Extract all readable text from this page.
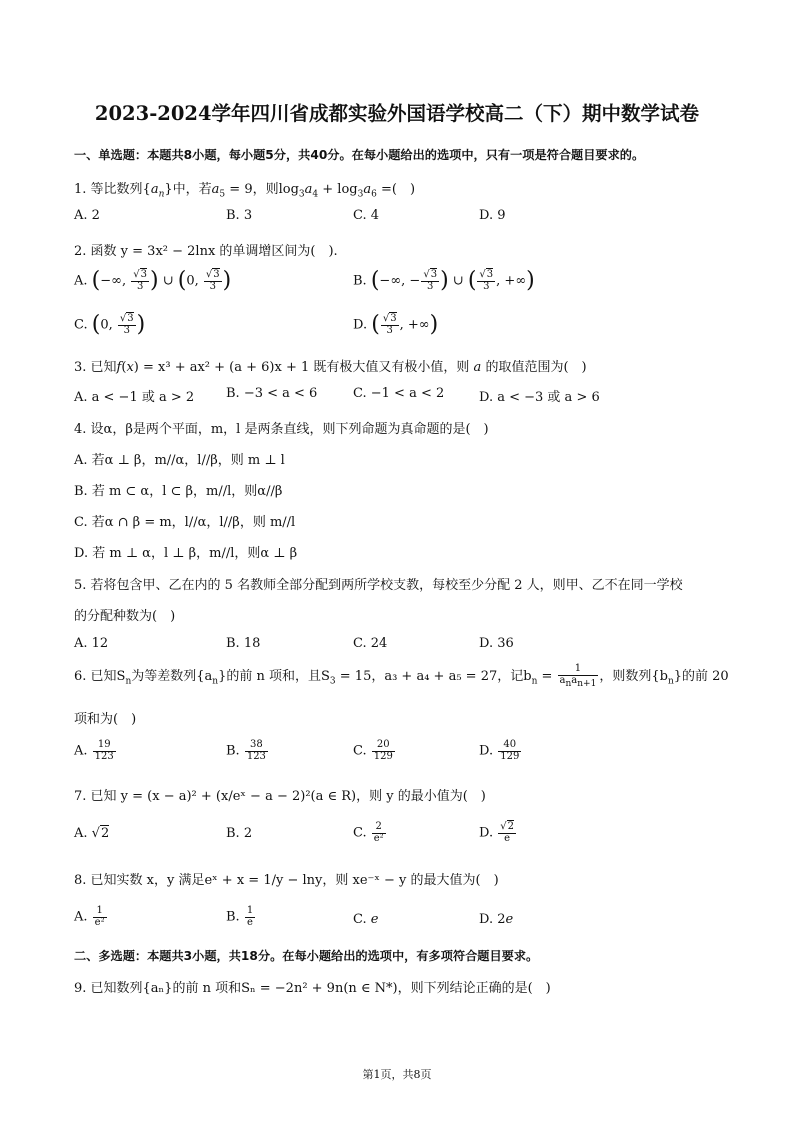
2023-2024学年四川省成都实验外国语学校高二（下）期中数学试卷
一、单选题：本题共8小题，每小题5分，共40分。在每小题给出的选项中，只有一项是符合题目要求的。
1. 等比数列$\{a_n\}$中，若$a_5 = 9$，则$\log_3a_4 + \log_3a_6$ =(　)
A. 2	B. 3	C. 4	D. 9
2. 函数 y = 3x² − 2lnx 的单调增区间为(　).
A. (−∞, $\frac{√3}{3}$ ) ∪ (0, $\frac{√3}{3}$ )	B. (−∞, − $\frac{√3}{3}$ ) ∪ ( $\frac{√3}{3}$ , +∞)
C. (0, $\frac{√3}{3}$ )	D. ( $\frac{√3}{3}$ , +∞)
3. 已知f(x) = x³ + ax² + (a + 6)x + 1 既有极大值又有极小值，则 a 的取值范围为(　)
A. a < −1 或 a > 2 B. −3 < a < 6	C. −1 < a < 2	D. a < −3 或 a > 6
4. 设α，β是两个平面，m，l 是两条直线，则下列命题为真命题的是(　)
A. 若α ⊥ β，m//α，l//β，则 m ⊥ l
B. 若 m ⊂ α，l ⊂ β，m//l，则α//β
C. 若α ∩ β = m，l//α，l//β，则 m//l
D. 若 m ⊥ α，l ⊥ β，m//l，则α ⊥ β
5. 若将包含甲、乙在内的 5 名教师全部分配到两所学校支教，每校至少分配 2 人，则甲、乙不在同一学校
的分配种数为(　)
A. 12	B. 18	C. 24	D. 36
6. 已知$S_n$为等差数列$\{a_n\}$的前 n 项和，且$S_3 = 15$，a₃ + a₄ + a₅ = 27，记$b_n = \frac{1}{a_na_{n+1}}$ ，则数列$\{b_n\}$的前 20
项和为(　)
A. $\frac{19}{123}$	B. $\frac{38}{123}$	C. $\frac{20}{129}$	D. $\frac{40}{129}$
7. 已知 y = (x − a)² + (x/eˣ − a − 2)²(a ∈ R)，则 y 的最小值为(　)
A. √2	B. 2	C. $\frac{2}{\text{e²}}$	D. $\frac{√2}{e}$
8. 已知实数 x，y 满足eˣ + x = 1/y − lny，则 xe⁻ˣ − y 的最大值为(　)
A. $\frac{1}{\text{e²}}$	B. $\frac{1}{e}$	C. e	D. 2e
二、多选题：本题共3小题，共18分。在每小题给出的选项中，有多项符合题目要求。
9. 已知数列{aₙ}的前 n 项和Sₙ = −2n² + 9n(n ∈ N*)，则下列结论正确的是(　)
第1页，共8页
